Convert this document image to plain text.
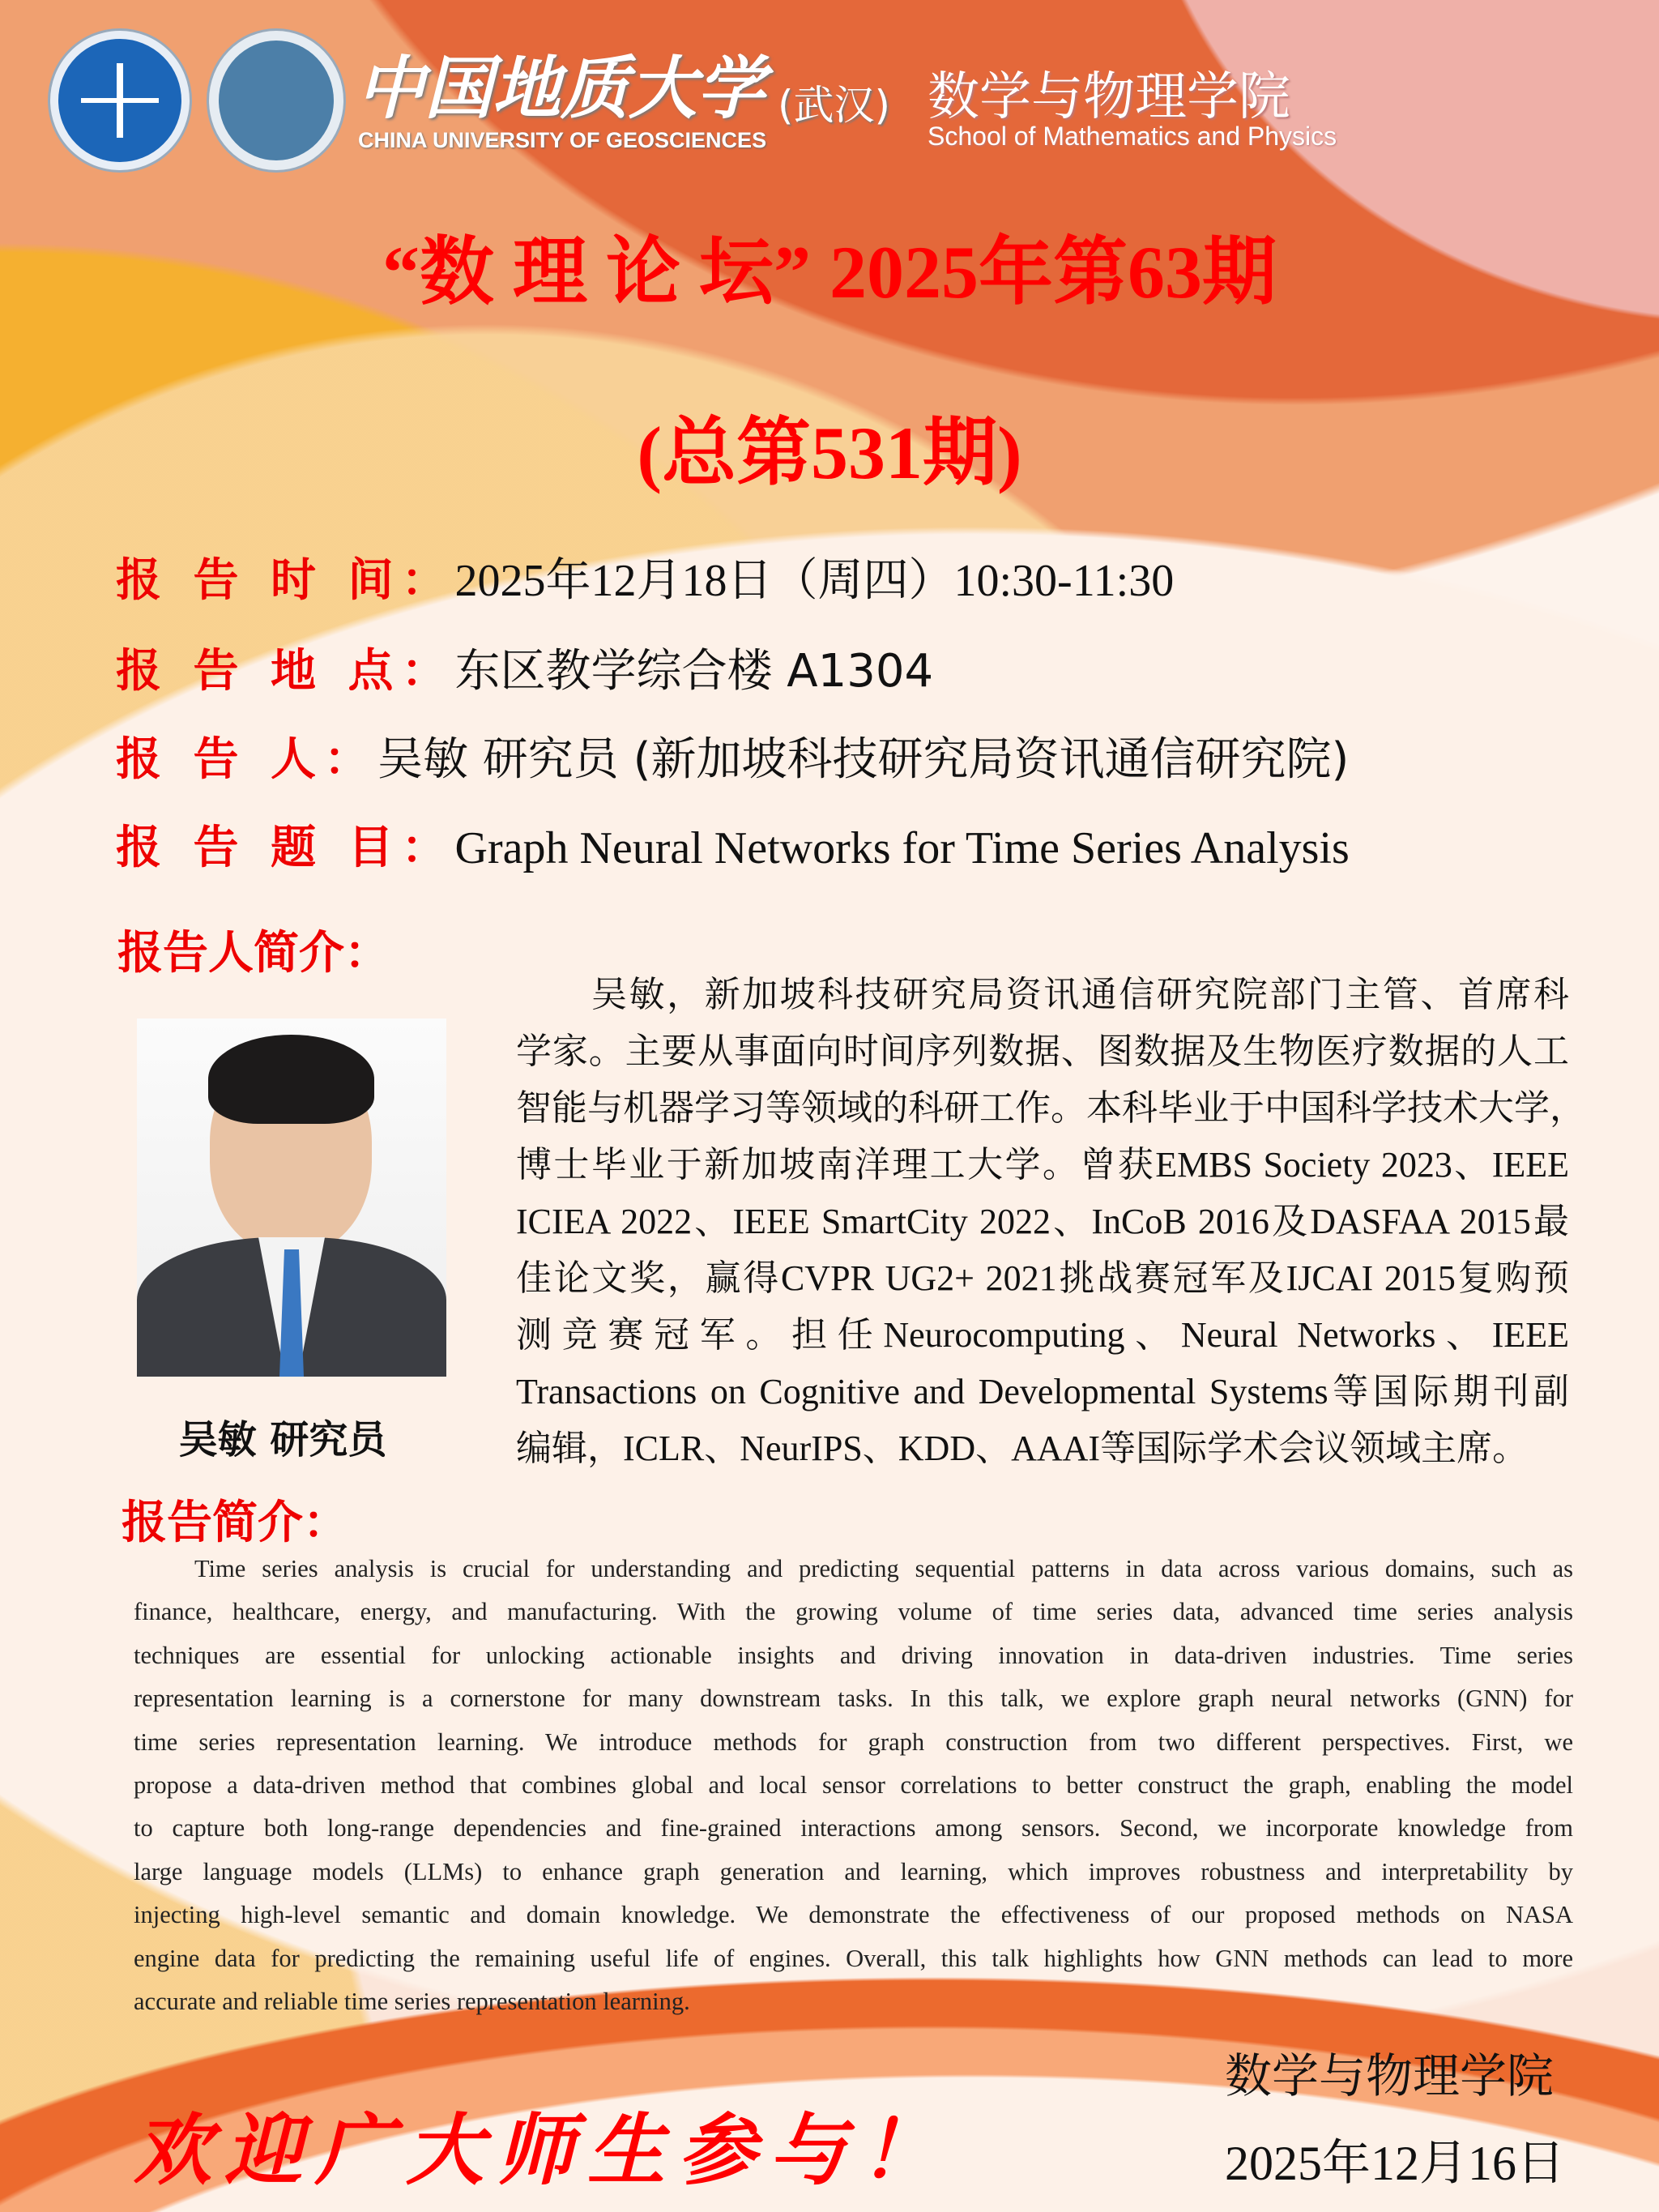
中国地质大学 (武汉)
CHINA UNIVERSITY OF GEOSCIENCES
数学与物理学院
School of Mathematics and Physics
“数 理 论 坛” 2025年第63期
(总第531期)
报 告 时 间：2025年12月18日（周四）10:30-11:30
报 告 地 点：东区教学综合楼 A1304
报 告 人：吴敏 研究员 (新加坡科技研究局资讯通信研究院)
报 告 题 目：Graph Neural Networks for Time Series Analysis
报告人简介：
吴敏 研究员
　　吴敏，新加坡科技研究局资讯通信研究院部门主管、首席科
学家。主要从事面向时间序列数据、图数据及生物医疗数据的人工
智能与机器学习等领域的科研工作。本科毕业于中国科学技术大学，
博士毕业于新加坡南洋理工大学。曾获EMBS Society 2023、IEEE
ICIEA 2022、IEEE SmartCity 2022、InCoB 2016及DASFAA 2015最
佳论文奖，赢得CVPR UG2+ 2021挑战赛冠军及IJCAI 2015复购预
测竞赛冠军。担任Neurocomputing、Neural Networks、IEEE
Transactions on Cognitive and Developmental Systems等国际期刊副
编辑，ICLR、NeurIPS、KDD、AAAI等国际学术会议领域主席。
报告简介：
Time series analysis is crucial for understanding and predicting sequential patterns in data across various domains, such as
finance, healthcare, energy, and manufacturing. With the growing volume of time series data, advanced time series analysis
techniques are essential for unlocking actionable insights and driving innovation in data-driven industries. Time series
representation learning is a cornerstone for many downstream tasks. In this talk, we explore graph neural networks (GNN) for
time series representation learning. We introduce methods for graph construction from two different perspectives. First, we
propose a data-driven method that combines global and local sensor correlations to better construct the graph, enabling the model
to capture both long-range dependencies and fine-grained interactions among sensors. Second, we incorporate knowledge from
large language models (LLMs) to enhance graph generation and learning, which improves robustness and interpretability by
injecting high-level semantic and domain knowledge. We demonstrate the effectiveness of our proposed methods on NASA
engine data for predicting the remaining useful life of engines. Overall, this talk highlights how GNN methods can lead to more
accurate and reliable time series representation learning.
欢迎广大师生参与！
数学与物理学院
2025年12月16日
